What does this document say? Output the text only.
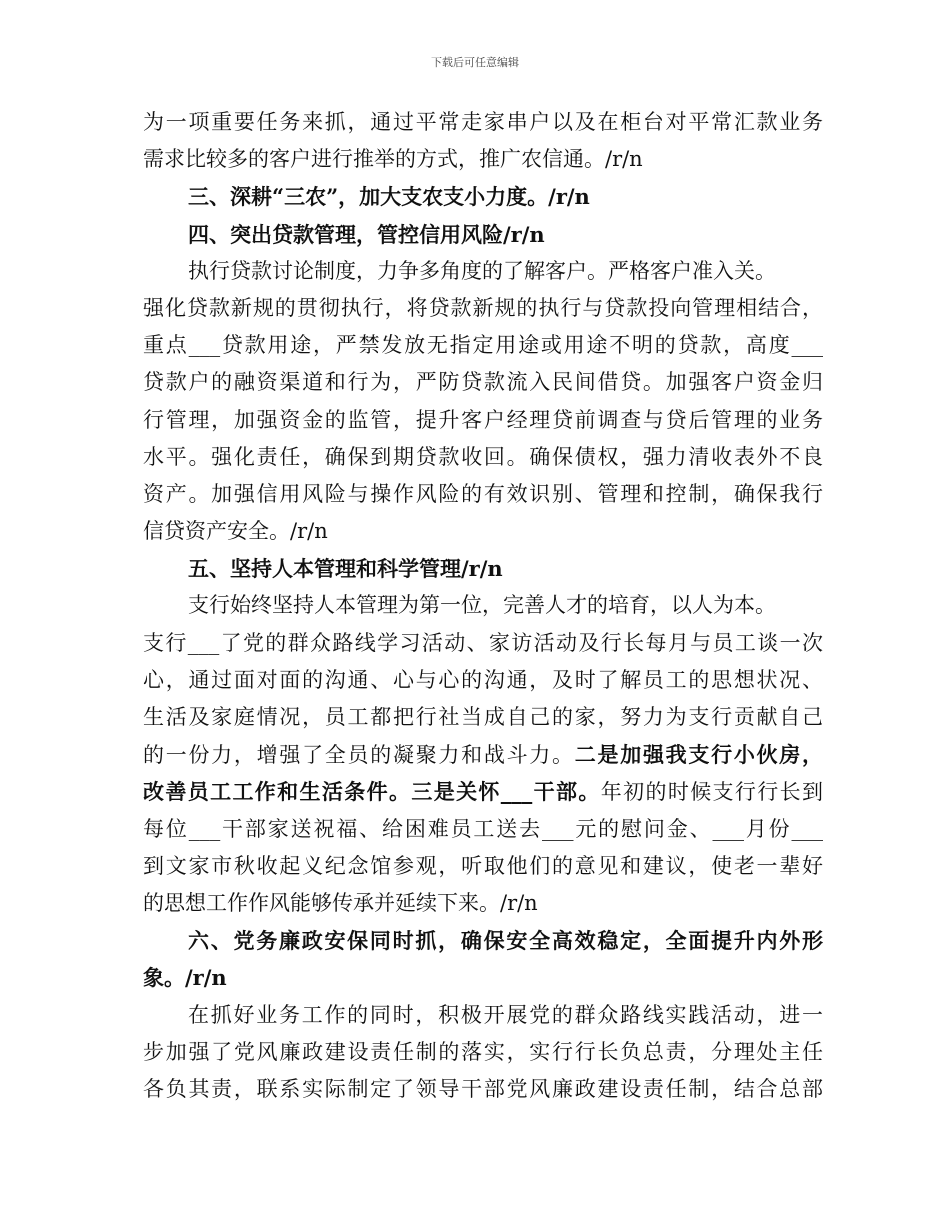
下载后可任意编辑
为一项重要任务来抓，通过平常走家串户以及在柜台对平常汇款业务
需求比较多的客户进行推举的方式，推广农信通。/r/n
三、深耕“三农”，加大支农支小力度。/r/n
四、突出贷款管理，管控信用风险/r/n
执行贷款讨论制度，力争多角度的了解客户。严格客户准入关。
强化贷款新规的贯彻执行，将贷款新规的执行与贷款投向管理相结合，
重点___贷款用途，严禁发放无指定用途或用途不明的贷款，高度___
贷款户的融资渠道和行为，严防贷款流入民间借贷。加强客户资金归
行管理，加强资金的监管，提升客户经理贷前调查与贷后管理的业务
水平。强化责任，确保到期贷款收回。确保债权，强力清收表外不良
资产。加强信用风险与操作风险的有效识别、管理和控制，确保我行
信贷资产安全。/r/n
五、坚持人本管理和科学管理/r/n
支行始终坚持人本管理为第一位，完善人才的培育，以人为本。
支行___了党的群众路线学习活动、家访活动及行长每月与员工谈一次
心，通过面对面的沟通、心与心的沟通，及时了解员工的思想状况、
生活及家庭情况，员工都把行社当成自己的家，努力为支行贡献自己
的一份力，增强了全员的凝聚力和战斗力。二是加强我支行小伙房，
改善员工工作和生活条件。三是关怀___干部。年初的时候支行行长到
每位___干部家送祝福、给困难员工送去___元的慰问金、___月份___
到文家市秋收起义纪念馆参观，听取他们的意见和建议，使老一辈好
的思想工作作风能够传承并延续下来。/r/n
六、党务廉政安保同时抓，确保安全高效稳定，全面提升内外形
象。/r/n
在抓好业务工作的同时，积极开展党的群众路线实践活动，进一
步加强了党风廉政建设责任制的落实，实行行长负总责，分理处主任
各负其责，联系实际制定了领导干部党风廉政建设责任制，结合总部
